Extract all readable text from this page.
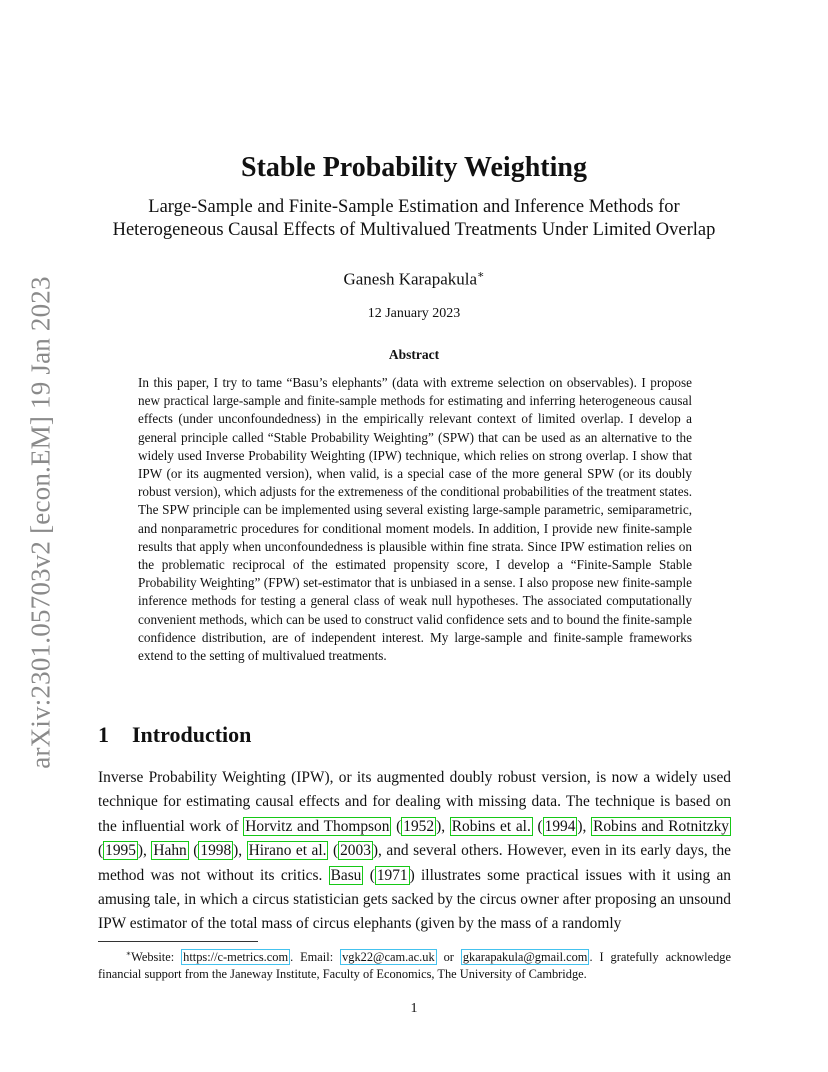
arXiv:2301.05703v2 [econ.EM] 19 Jan 2023
Stable Probability Weighting
Large-Sample and Finite-Sample Estimation and Inference Methods for
Heterogeneous Causal Effects of Multivalued Treatments Under Limited Overlap
Ganesh Karapakula∗
12 January 2023
Abstract
In this paper, I try to tame “Basu’s elephants” (data with extreme selection on observables). I propose new practical large-sample and finite-sample methods for estimating and inferring heterogeneous causal effects (under unconfoundedness) in the empirically relevant context of limited overlap. I develop a general principle called “Stable Probability Weighting” (SPW) that can be used as an alternative to the widely used Inverse Probability Weighting (IPW) technique, which relies on strong overlap. I show that IPW (or its augmented version), when valid, is a special case of the more general SPW (or its doubly robust version), which adjusts for the extremeness of the conditional probabilities of the treatment states. The SPW principle can be implemented using several existing large-sample parametric, semiparametric, and nonparametric procedures for conditional moment models. In addition, I provide new finite-sample results that apply when unconfoundedness is plausible within fine strata. Since IPW estimation relies on the problematic reciprocal of the estimated propensity score, I develop a “Finite-Sample Stable Probability Weighting” (FPW) set-estimator that is unbiased in a sense. I also propose new finite-sample inference methods for testing a general class of weak null hypotheses. The associated computationally convenient methods, which can be used to construct valid confidence sets and to bound the finite-sample confidence distribution, are of independent interest. My large-sample and finite-sample frameworks extend to the setting of multivalued treatments.
1 Introduction
Inverse Probability Weighting (IPW), or its augmented doubly robust version, is now a widely used technique for estimating causal effects and for dealing with missing data. The technique is based on the influential work of Horvitz and Thompson ( 1952 ), Robins et al. ( 1994 ), Robins and Rotnitzky ( 1995 ), Hahn ( 1998 ), Hirano et al. ( 2003 ), and several others. However, even in its early days, the method was not without its critics. Basu ( 1971 ) illustrates some practical issues with it using an amusing tale, in which a circus statistician gets sacked by the circus owner after proposing an unsound IPW estimator of the total mass of circus elephants (given by the mass of a randomly
∗Website: https://c-metrics.com . Email: vgk22@cam.ac.uk or gkarapakula@gmail.com . I gratefully acknowledge financial support from the Janeway Institute, Faculty of Economics, The University of Cambridge.
1
